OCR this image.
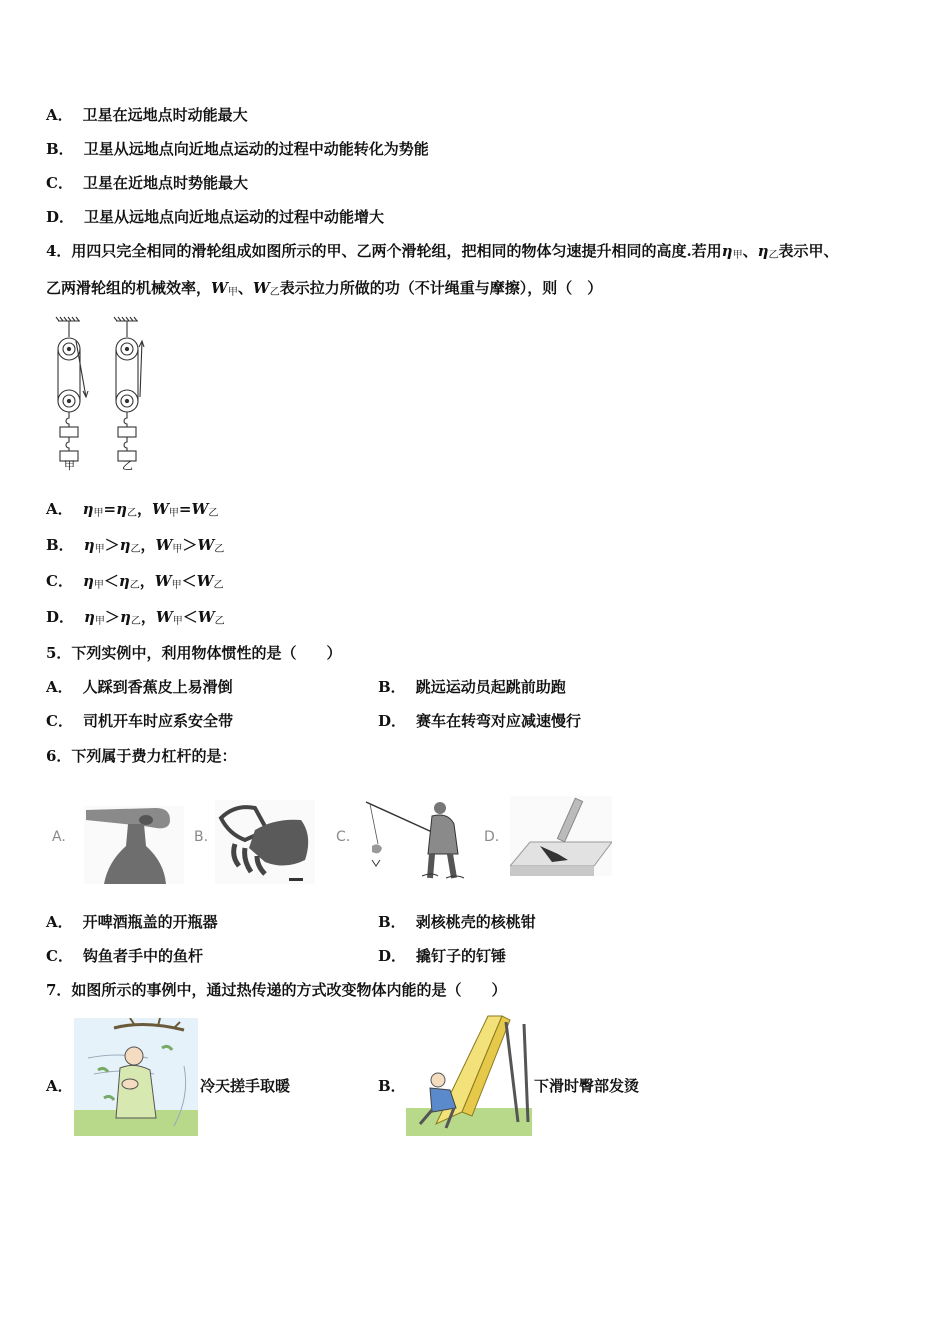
A． 卫星在远地点时动能最大
B． 卫星从远地点向近地点运动的过程中动能转化为势能
C． 卫星在近地点时势能最大
D． 卫星从远地点向近地点运动的过程中动能增大
4．用四只完全相同的滑轮组成如图所示的甲、乙两个滑轮组，把相同的物体匀速提升相同的高度.若用$\eta_甲$、$\eta_乙$表示甲、
乙两滑轮组的机械效率，$W_甲$、$W_乙$表示拉力所做的功（不计绳重与摩擦），则（　）
甲	乙
A． $\eta_甲=\eta_乙$，$W_甲=W_乙$
B． $\eta_甲>\eta_乙$，$W_甲>W_乙$
C． $\eta_甲<\eta_乙$，$W_甲<W_乙$
D． $\eta_甲>\eta_乙$，$W_甲<W_乙$
5．下列实例中，利用物体惯性的是（　　）
A． 人踩到香蕉皮上易滑倒	B． 跳远运动员起跳前助跑
C． 司机开车时应系安全带	D． 赛车在转弯对应减速慢行
6．下列属于费力杠杆的是：
A.	B.	C.	D.
A． 开啤酒瓶盖的开瓶器	B． 剥核桃壳的核桃钳
C． 钩鱼者手中的鱼杆	D． 撬钉子的钉锤
7．如图所示的事例中，通过热传递的方式改变物体内能的是（　　）
A．	冷天搓手取暖	B．	下滑时臀部发烫
